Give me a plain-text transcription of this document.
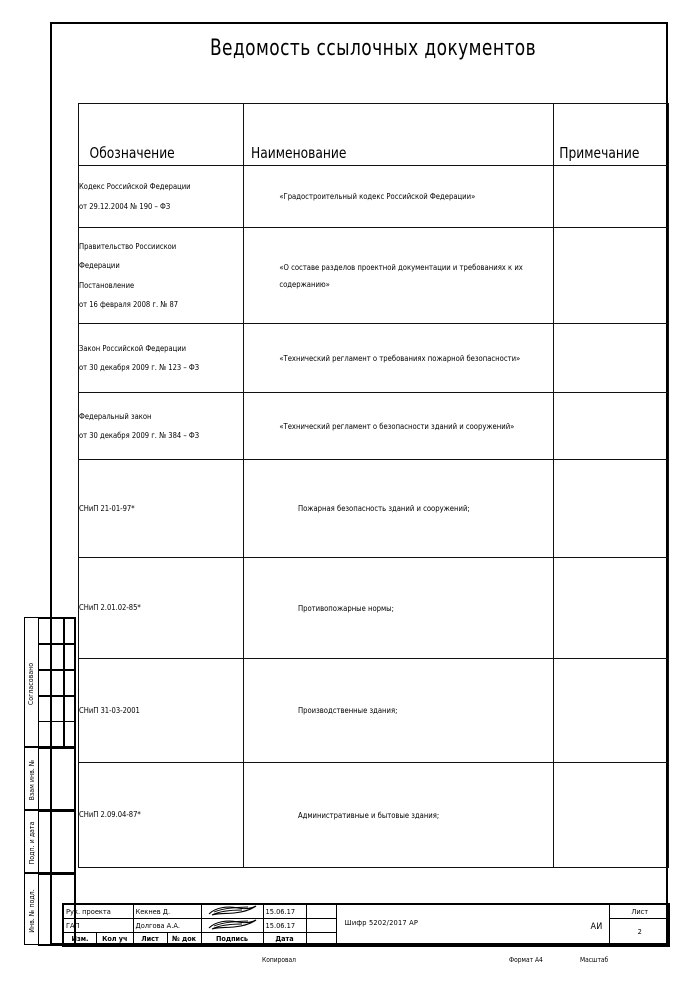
Ведомость ссылочных документов
Обозначение	Наименование	Примечание

Кодекс Российской Федерации
от 29.12.2004 № 190 – ФЗ	«Градостроительный кодекс Российской Федерации»	

Правительство Россиискои
Федерации
Постановление
от 16 февраля 2008 г. № 87	«О составе разделов проектной документации и требованиях к их
содержанию»	

Закон Российской Федерации
от 30 декабря 2009 г. № 123 – ФЗ	«Технический регламент о требованиях пожарной безопасности»	

Федеральный закон
от 30 декабря 2009 г. № 384 – ФЗ	«Технический регламент о безопасности зданий и сооружений»	

СНиП 21-01-97*	Пожарная безопасность зданий и сооружений;	

СНиП 2.01.02-85*	Противопожарные нормы;	

СНиП 31-03-2001	Производственные здания;	

СНиП 2.09.04-87*	Административные и бытовые здания;	

Согласовано
Взам инв. №
Подп. и дата
Инв. № подл.	Рук. проекта	Кекнев Д.		15.06.17		Шифр 5202/2017 АР АИ	Лист
ГАП	Долгова А.А.		15.06.17			2

Изм.	Кол уч	Лист	№ док	Подпись	Дата	
Копировал	Формат А4	Масштаб
